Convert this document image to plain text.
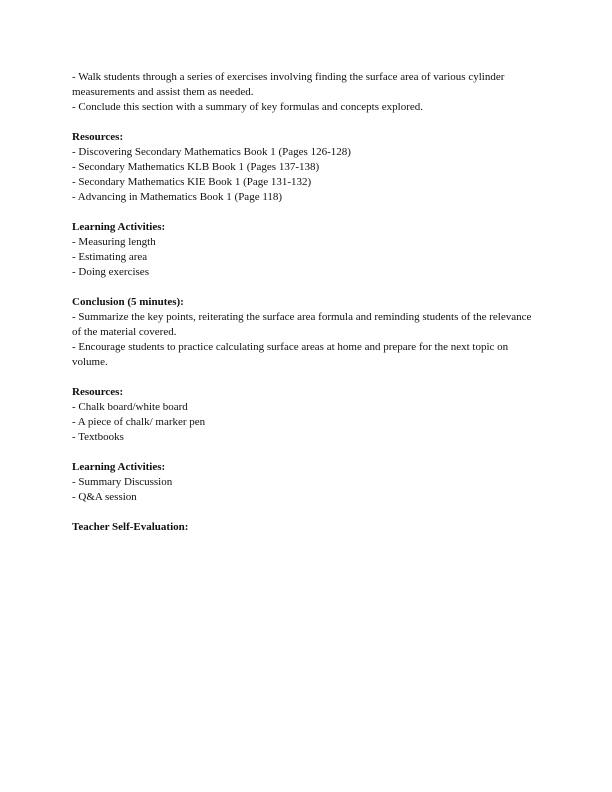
- Walk students through a series of exercises involving finding the surface area of various cylinder measurements and assist them as needed.
- Conclude this section with a summary of key formulas and concepts explored.
Resources:
- Discovering Secondary Mathematics Book 1 (Pages 126-128)
- Secondary Mathematics KLB Book 1 (Pages 137-138)
- Secondary Mathematics KIE Book 1 (Page 131-132)
- Advancing in Mathematics Book 1 (Page 118)
Learning Activities:
- Measuring length
- Estimating area
- Doing exercises
Conclusion (5 minutes):
- Summarize the key points, reiterating the surface area formula and reminding students of the relevance of the material covered.
- Encourage students to practice calculating surface areas at home and prepare for the next topic on volume.
Resources:
- Chalk board/white board
- A piece of chalk/ marker pen
- Textbooks
Learning Activities:
- Summary Discussion
- Q&A session
Teacher Self-Evaluation:
